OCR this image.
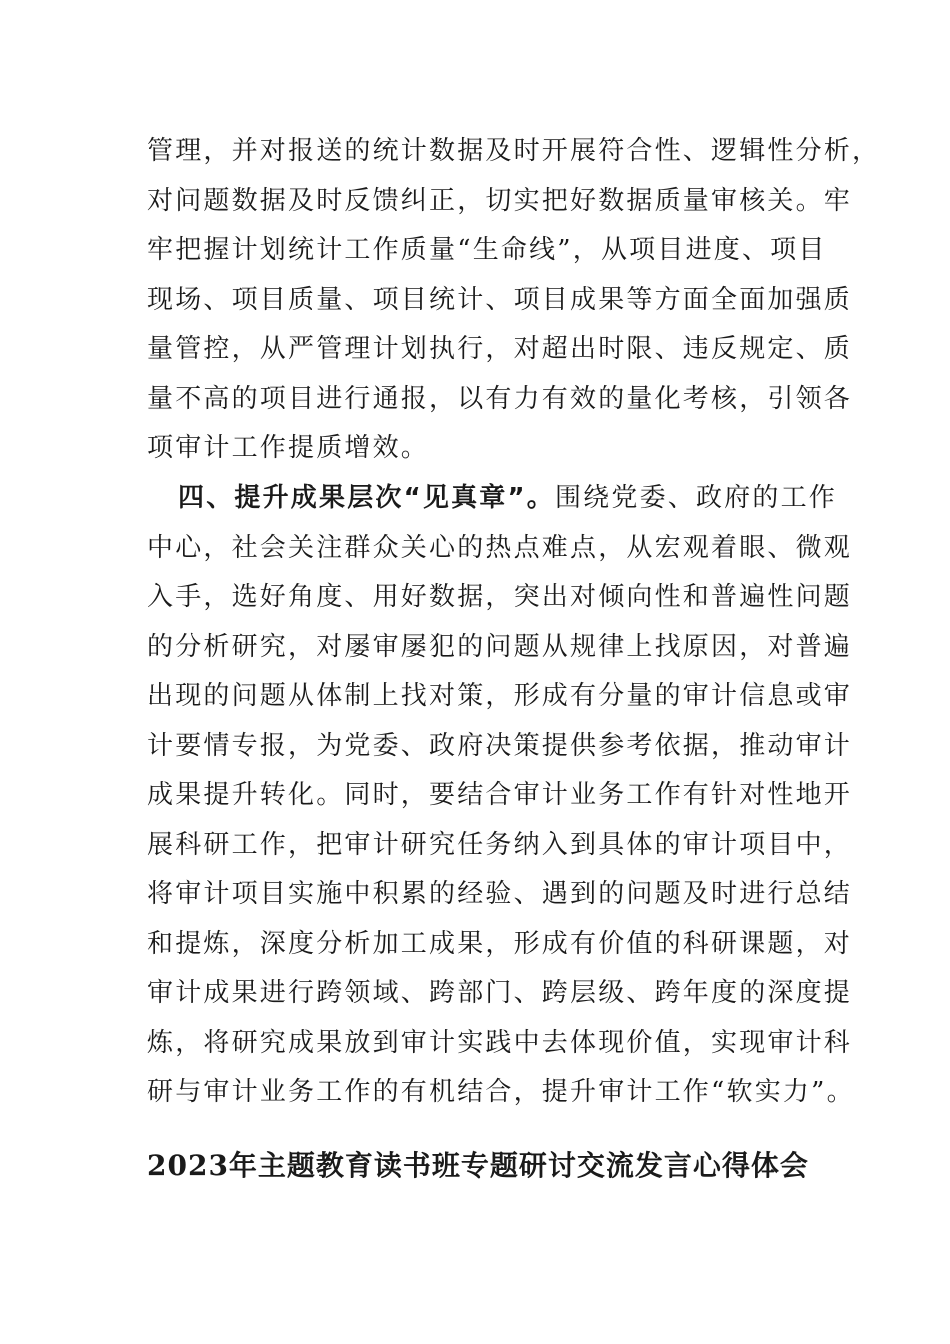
管理，并对报送的统计数据及时开展符合性、逻辑性分析，
对问题数据及时反馈纠正，切实把好数据质量审核关。牢
牢把握计划统计工作质量“生命线”，从项目进度、项目
现场、项目质量、项目统计、项目成果等方面全面加强质
量管控，从严管理计划执行，对超出时限、违反规定、质
量不高的项目进行通报，以有力有效的量化考核，引领各
项审计工作提质增效。
四、提升成果层次“见真章”。围绕党委、政府的工作
中心，社会关注群众关心的热点难点，从宏观着眼、微观
入手，选好角度、用好数据，突出对倾向性和普遍性问题
的分析研究，对屡审屡犯的问题从规律上找原因，对普遍
出现的问题从体制上找对策，形成有分量的审计信息或审
计要情专报，为党委、政府决策提供参考依据，推动审计
成果提升转化。同时，要结合审计业务工作有针对性地开
展科研工作，把审计研究任务纳入到具体的审计项目中，
将审计项目实施中积累的经验、遇到的问题及时进行总结
和提炼，深度分析加工成果，形成有价值的科研课题，对
审计成果进行跨领域、跨部门、跨层级、跨年度的深度提
炼，将研究成果放到审计实践中去体现价值，实现审计科
研与审计业务工作的有机结合，提升审计工作“软实力”。
2023年主题教育读书班专题研讨交流发言心得体会
